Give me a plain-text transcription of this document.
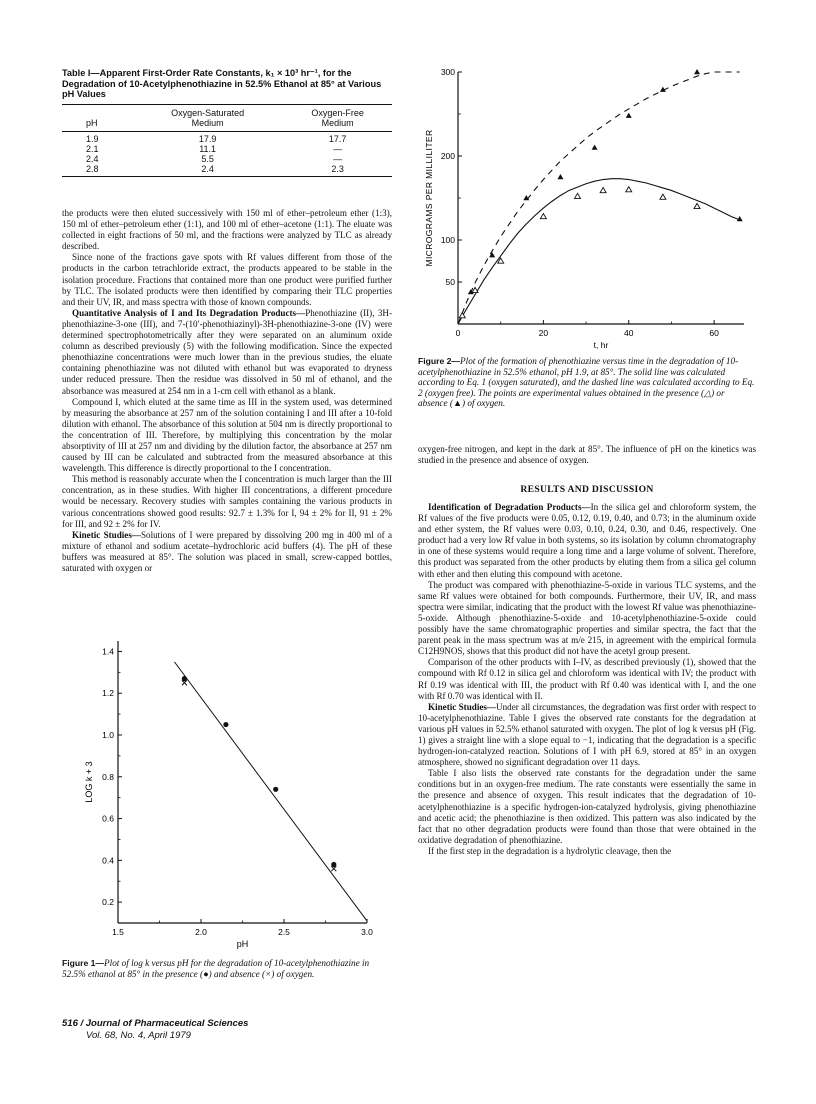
Table I—Apparent First-Order Rate Constants, k₁ × 10³ hr⁻¹, for the Degradation of 10-Acetylphenothiazine in 52.5% Ethanol at 85° at Various pH Values
	Oxygen-Saturated	Oxygen-Free
pH	Medium	Medium
1.9	17.9	17.7
2.1	11.1	—
2.4	5.5	—
2.8	2.4	2.3

the products were then eluted successively with 150 ml of ether–petroleum ether (1:3), 150 ml of ether–petroleum ether (1:1), and 100 ml of ether–acetone (1:1). The eluate was collected in eight fractions of 50 ml, and the fractions were analyzed by TLC as already described.

Since none of the fractions gave spots with Rf values different from those of the products in the carbon tetrachloride extract, the products appeared to be stable in the isolation procedure. Fractions that contained more than one product were purified further by TLC. The isolated products were then identified by comparing their TLC properties and their UV, IR, and mass spectra with those of known compounds.

Quantitative Analysis of I and Its Degradation Products—Phenothiazine (II), 3H-phenothiazine-3-one (III), and 7-(10′-phenothiazinyl)-3H-phenothiazine-3-one (IV) were determined spectrophotometrically after they were separated on an aluminum oxide column as described previously (5) with the following modification. Since the expected phenothiazine concentrations were much lower than in the previous studies, the eluate containing phenothiazine was not diluted with ethanol but was evaporated to dryness under reduced pressure. Then the residue was dissolved in 50 ml of ethanol, and the absorbance was measured at 254 nm in a 1-cm cell with ethanol as a blank.

Compound I, which eluted at the same time as III in the system used, was determined by measuring the absorbance at 257 nm of the solution containing I and III after a 10-fold dilution with ethanol. The absorbance of this solution at 504 nm is directly proportional to the concentration of III. Therefore, by multiplying this concentration by the molar absorptivity of III at 257 nm and dividing by the dilution factor, the absorbance at 257 nm caused by III can be calculated and subtracted from the measured absorbance at this wavelength. This difference is directly proportional to the I concentration.

This method is reasonably accurate when the I concentration is much larger than the III concentration, as in these studies. With higher III concentrations, a different procedure would be necessary. Recovery studies with samples containing the various products in various concentrations showed good results: 92.7 ± 1.3% for I, 94 ± 2% for II, 91 ± 2% for III, and 92 ± 2% for IV.

Kinetic Studies—Solutions of I were prepared by dissolving 200 mg in 400 ml of a mixture of ethanol and sodium acetate–hydrochloric acid buffers (4). The pH of these buffers was measured at 85°. The solution was placed in small, screw-capped bottles, saturated with oxygen or

0.2
0.4
0.6
0.8
1.0
1.2
1.4
1.5	2.0	2.5	3.0
pH
LOG k + 3
Figure 1—Plot of log k versus pH for the degradation of 10-acetylphenothiazine in 52.5% ethanol at 85° in the presence (●) and absence (×) of oxygen.
50
100
200
300
0	20	40	60
t, hr
MICROGRAMS PER MILLILITER
Figure 2—Plot of the formation of phenothiazine versus time in the degradation of 10-acetylphenothiazine in 52.5% ethanol, pH 1.9, at 85°. The solid line was calculated according to Eq. 1 (oxygen saturated), and the dashed line was calculated according to Eq. 2 (oxygen free). The points are experimental values obtained in the presence (△) or absence (▲) of oxygen.

oxygen-free nitrogen, and kept in the dark at 85°. The influence of pH on the kinetics was studied in the presence and absence of oxygen.

RESULTS AND DISCUSSION

Identification of Degradation Products—In the silica gel and chloroform system, the Rf values of the five products were 0.05, 0.12, 0.19, 0.40, and 0.73; in the aluminum oxide and ether system, the Rf values were 0.03, 0.10, 0.24, 0.30, and 0.46, respectively. One product had a very low Rf value in both systems, so its isolation by column chromatography in one of these systems would require a long time and a large volume of solvent. Therefore, this product was separated from the other products by eluting them from a silica gel column with ether and then eluting this compound with acetone.

The product was compared with phenothiazine-5-oxide in various TLC systems, and the same Rf values were obtained for both compounds. Furthermore, their UV, IR, and mass spectra were similar, indicating that the product with the lowest Rf value was phenothiazine-5-oxide. Although phenothiazine-5-oxide and 10-acetylphenothiazine-5-oxide could possibly have the same chromatographic properties and similar spectra, the fact that the parent peak in the mass spectrum was at m/e 215, in agreement with the empirical formula C12H9NOS, shows that this product did not have the acetyl group present.

Comparison of the other products with I–IV, as described previously (1), showed that the compound with Rf 0.12 in silica gel and chloroform was identical with IV; the product with Rf 0.19 was identical with III, the product with Rf 0.40 was identical with I, and the one with Rf 0.70 was identical with II.

Kinetic Studies—Under all circumstances, the degradation was first order with respect to 10-acetylphenothiazine. Table I gives the observed rate constants for the degradation at various pH values in 52.5% ethanol saturated with oxygen. The plot of log k versus pH (Fig. 1) gives a straight line with a slope equal to −1, indicating that the degradation is a specific hydrogen-ion-catalyzed reaction. Solutions of I with pH 6.9, stored at 85° in an oxygen atmosphere, showed no significant degradation over 11 days.

Table I also lists the observed rate constants for the degradation under the same conditions but in an oxygen-free medium. The rate constants were essentially the same in the presence and absence of oxygen. This result indicates that the degradation of 10-acetylphenothiazine is a specific hydrogen-ion-catalyzed hydrolysis, giving phenothiazine and acetic acid; the phenothiazine is then oxidized. This pattern was also indicated by the fact that no other degradation products were found than those that were obtained in the oxidative degradation of phenothiazine.

If the first step in the degradation is a hydrolytic cleavage, then the

516 / Journal of Pharmaceutical Sciences
Vol. 68, No. 4, April 1979
